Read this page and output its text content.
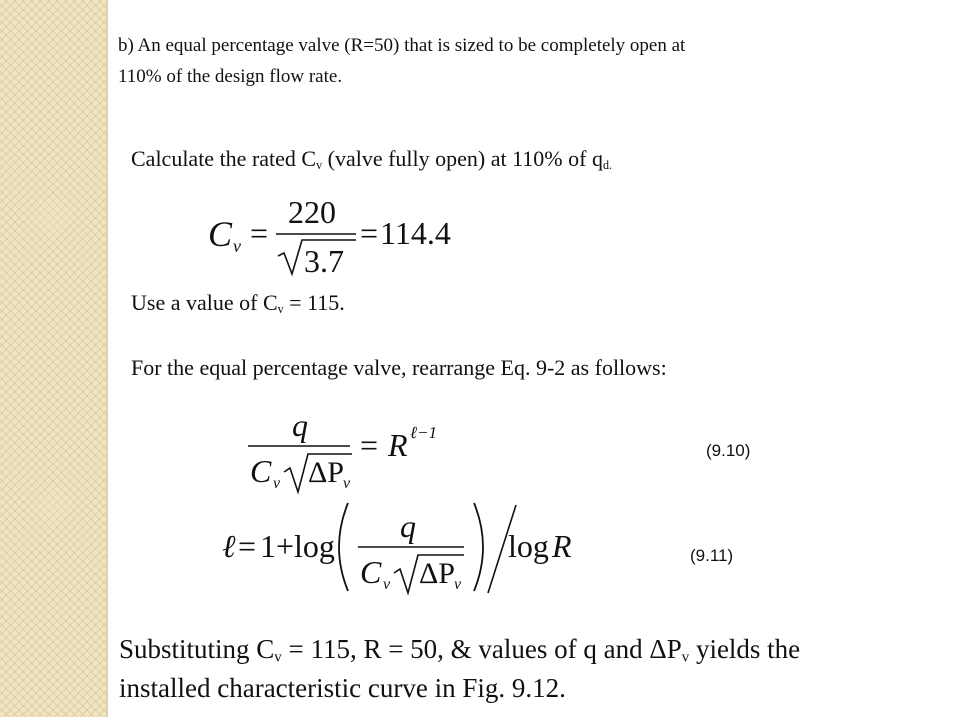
b) An equal percentage valve (R=50) that is sized to be completely open at
110% of the design flow rate.
Calculate the rated $C_v$ (valve fully open) at 110% of $q_{d.}$
C v =
220
3.7
= 114.4
Use a value of $C_v = 115$.
For the equal percentage valve, rearrange Eq. 9-2 as follows:
q
C v ΔP v
= R ℓ−1
(9.10)
ℓ = 1+ log
q
C v ΔP v
log R	(9.11)
Substituting $C_v = 115$, R = 50, & values of q and $\Delta P_v$ yields the
installed characteristic curve in Fig. 9.12.
